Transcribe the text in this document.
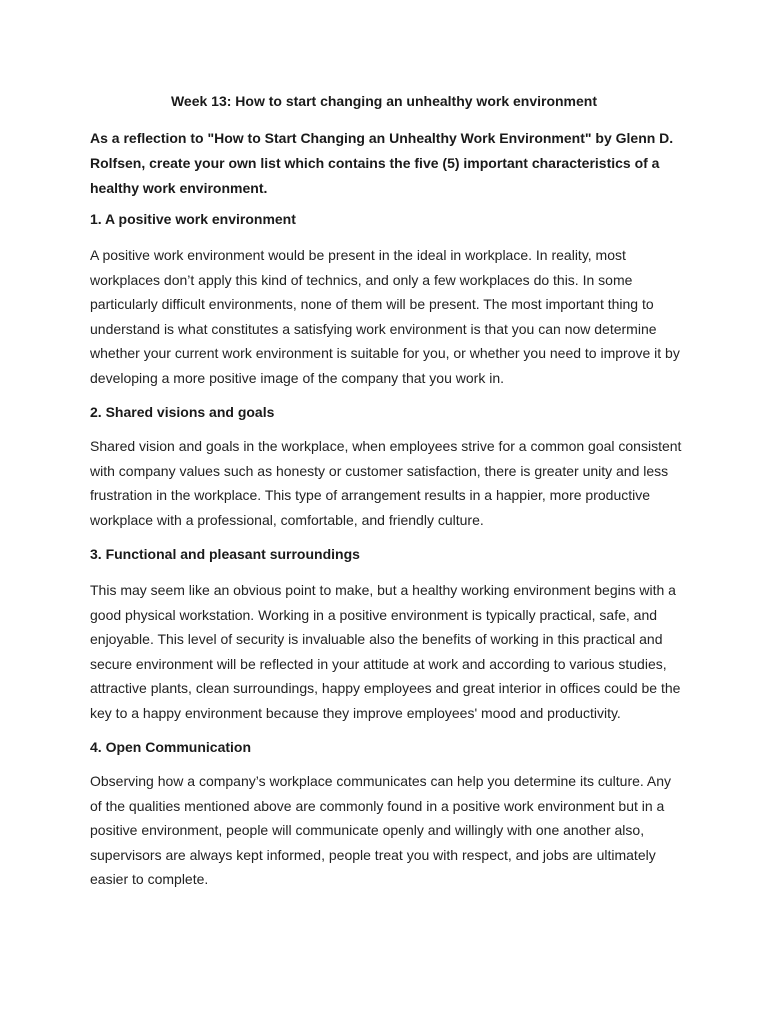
Week 13: How to start changing an unhealthy work environment
As a reflection to "How to Start Changing an Unhealthy Work Environment" by Glenn D.
Rolfsen, create your own list which contains the five (5) important characteristics of a
healthy work environment.
1. A positive work environment
A positive work environment would be present in the ideal in workplace. In reality, most
workplaces don’t apply this kind of technics, and only a few workplaces do this. In some
particularly difficult environments, none of them will be present. The most important thing to
understand is what constitutes a satisfying work environment is that you can now determine
whether your current work environment is suitable for you, or whether you need to improve it by
developing a more positive image of the company that you work in.
2. Shared visions and goals
Shared vision and goals in the workplace, when employees strive for a common goal consistent
with company values such as honesty or customer satisfaction, there is greater unity and less
frustration in the workplace. This type of arrangement results in a happier, more productive
workplace with a professional, comfortable, and friendly culture.
3. Functional and pleasant surroundings
This may seem like an obvious point to make, but a healthy working environment begins with a
good physical workstation. Working in a positive environment is typically practical, safe, and
enjoyable. This level of security is invaluable also the benefits of working in this practical and
secure environment will be reflected in your attitude at work and according to various studies,
attractive plants, clean surroundings, happy employees and great interior in offices could be the
key to a happy environment because they improve employees' mood and productivity.
4. Open Communication
Observing how a company’s workplace communicates can help you determine its culture. Any
of the qualities mentioned above are commonly found in a positive work environment but in a
positive environment, people will communicate openly and willingly with one another also,
supervisors are always kept informed, people treat you with respect, and jobs are ultimately
easier to complete.
